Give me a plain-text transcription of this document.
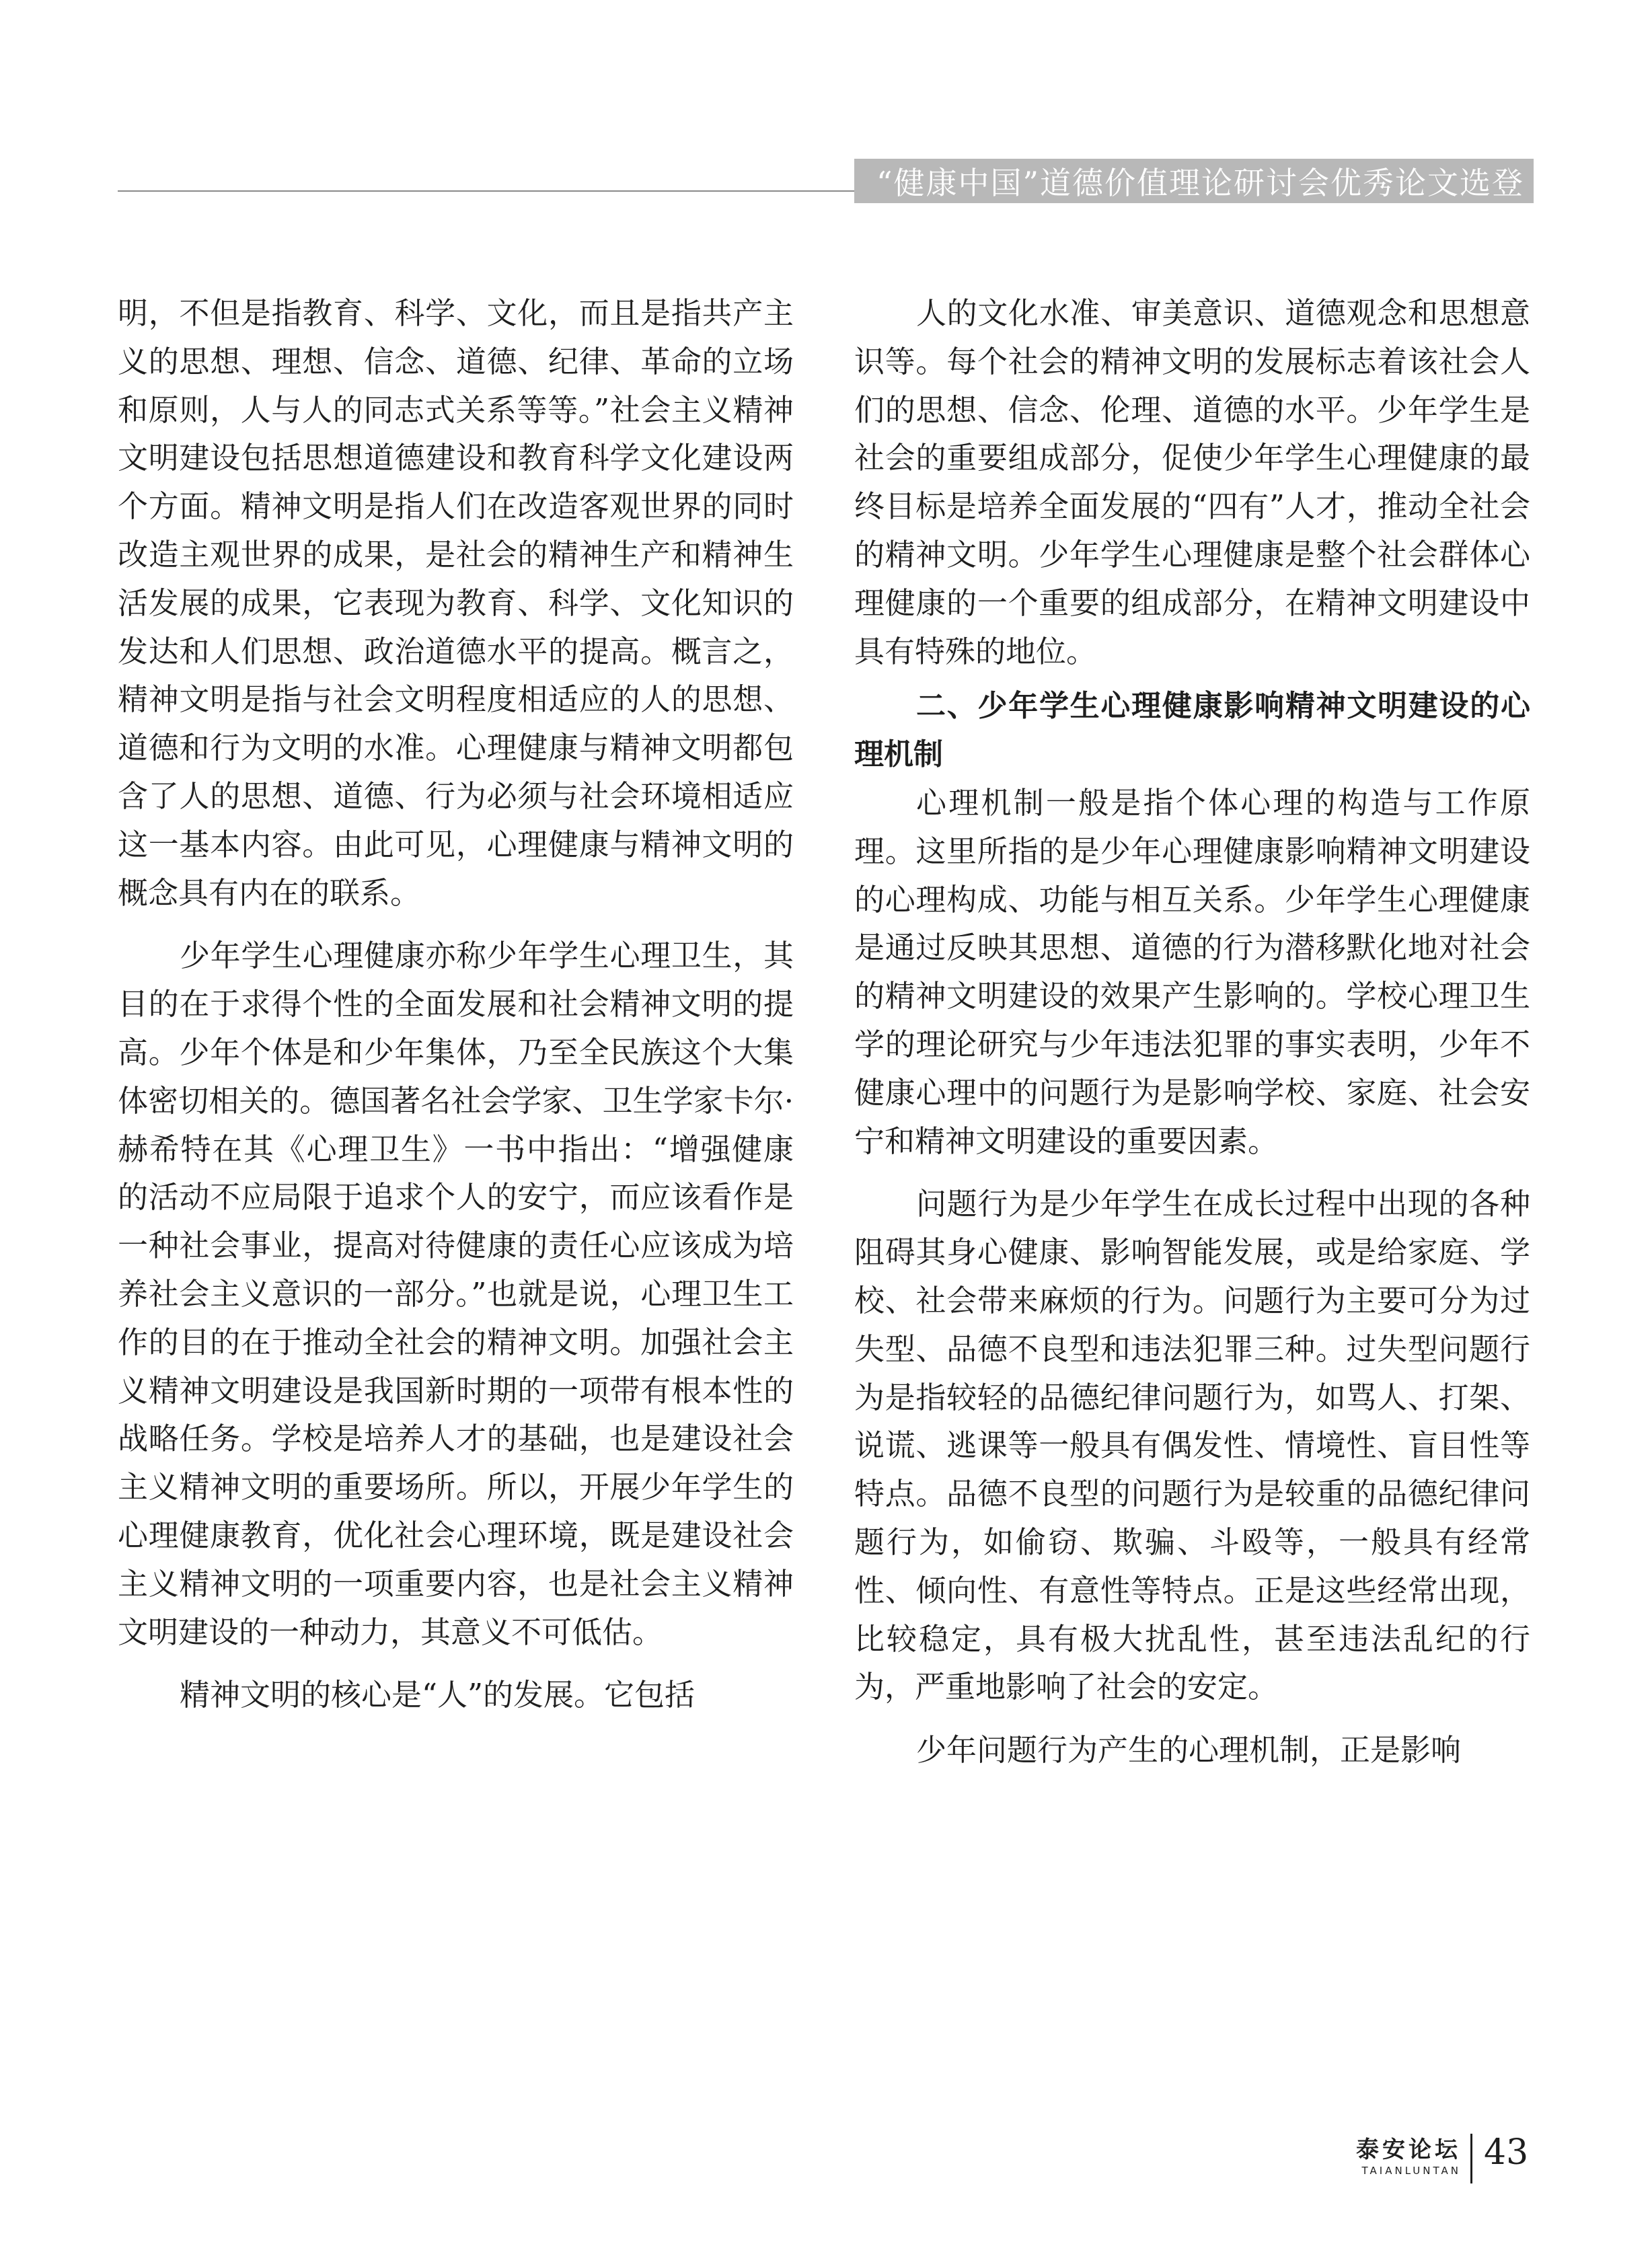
“健康中国”道德价值理论研讨会优秀论文选登

明，不但是指教育、科学、文化，而且是指共产主义的思想、理想、信念、道德、纪律、革命的立场和原则，人与人的同志式关系等等。”社会主义精神文明建设包括思想道德建设和教育科学文化建设两个方面。精神文明是指人们在改造客观世界的同时改造主观世界的成果，是社会的精神生产和精神生活发展的成果，它表现为教育、科学、文化知识的发达和人们思想、政治道德水平的提高。概言之，精神文明是指与社会文明程度相适应的人的思想、道德和行为文明的水准。心理健康与精神文明都包含了人的思想、道德、行为必须与社会环境相适应这一基本内容。由此可见，心理健康与精神文明的概念具有内在的联系。

少年学生心理健康亦称少年学生心理卫生，其目的在于求得个性的全面发展和社会精神文明的提高。少年个体是和少年集体，乃至全民族这个大集体密切相关的。德国著名社会学家、卫生学家卡尔·赫希特在其《心理卫生》一书中指出：“增强健康的活动不应局限于追求个人的安宁，而应该看作是一种社会事业，提高对待健康的责任心应该成为培养社会主义意识的一部分。”也就是说，心理卫生工作的目的在于推动全社会的精神文明。加强社会主义精神文明建设是我国新时期的一项带有根本性的战略任务。学校是培养人才的基础，也是建设社会主义精神文明的重要场所。所以，开展少年学生的心理健康教育，优化社会心理环境，既是建设社会主义精神文明的一项重要内容，也是社会主义精神文明建设的一种动力，其意义不可低估。

精神文明的核心是“人”的发展。它包括

人的文化水准、审美意识、道德观念和思想意识等。每个社会的精神文明的发展标志着该社会人们的思想、信念、伦理、道德的水平。少年学生是社会的重要组成部分，促使少年学生心理健康的最终目标是培养全面发展的“四有”人才，推动全社会的精神文明。少年学生心理健康是整个社会群体心理健康的一个重要的组成部分，在精神文明建设中具有特殊的地位。

二、少年学生心理健康影响精神文明建设的心理机制

心理机制一般是指个体心理的构造与工作原理。这里所指的是少年心理健康影响精神文明建设的心理构成、功能与相互关系。少年学生心理健康是通过反映其思想、道德的行为潜移默化地对社会的精神文明建设的效果产生影响的。学校心理卫生学的理论研究与少年违法犯罪的事实表明，少年不健康心理中的问题行为是影响学校、家庭、社会安宁和精神文明建设的重要因素。

问题行为是少年学生在成长过程中出现的各种阻碍其身心健康、影响智能发展，或是给家庭、学校、社会带来麻烦的行为。问题行为主要可分为过失型、品德不良型和违法犯罪三种。过失型问题行为是指较轻的品德纪律问题行为，如骂人、打架、说谎、逃课等一般具有偶发性、情境性、盲目性等特点。品德不良型的问题行为是较重的品德纪律问题行为，如偷窃、欺骗、斗殴等，一般具有经常性、倾向性、有意性等特点。正是这些经常出现，比较稳定，具有极大扰乱性，甚至违法乱纪的行为，严重地影响了社会的安定。

少年问题行为产生的心理机制，正是影响

泰安论坛
TAIANLUNTAN 43
